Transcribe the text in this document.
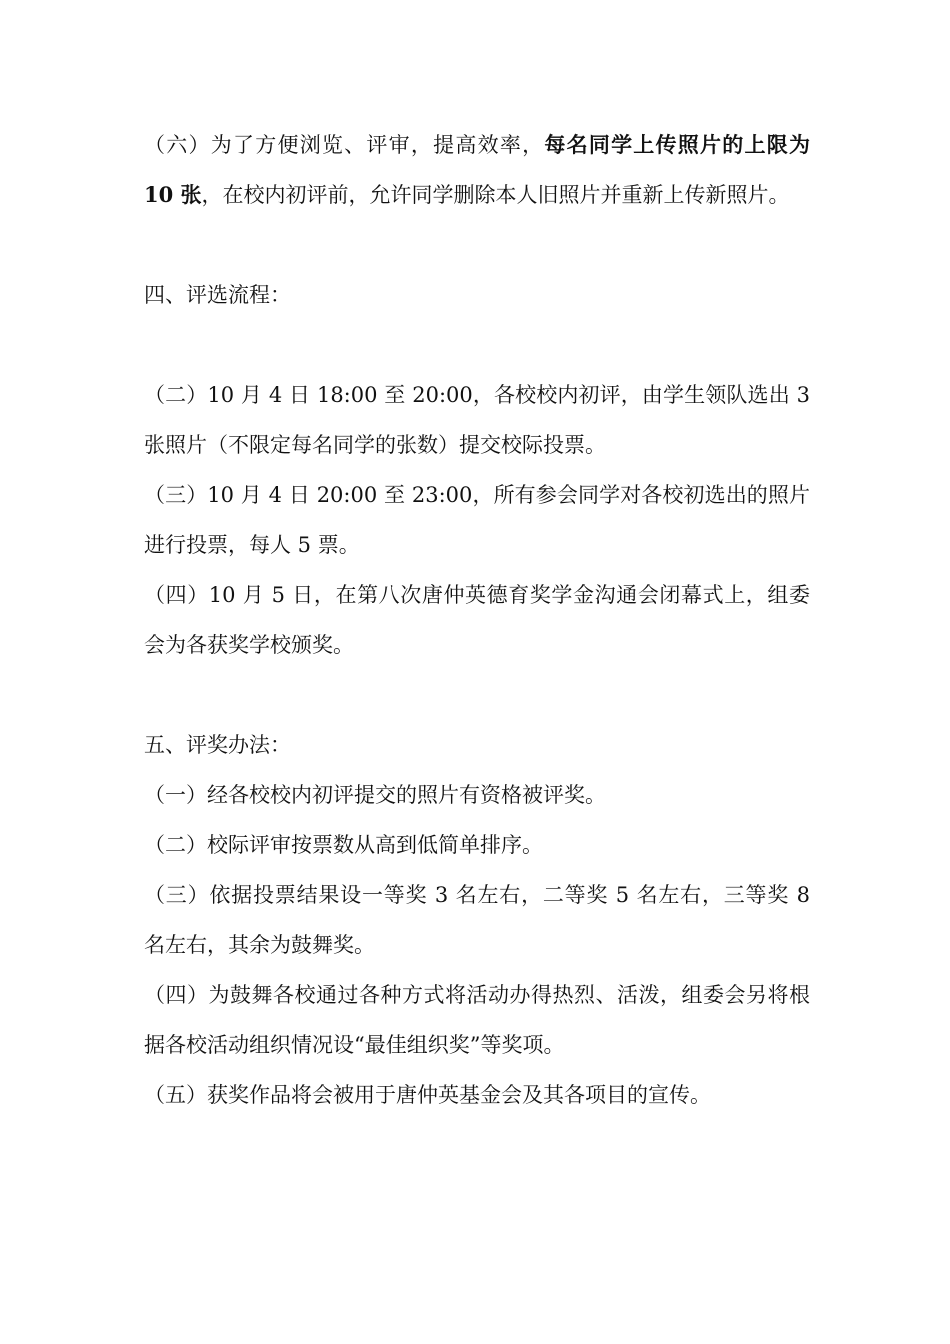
（六）为了方便浏览、评审，提高效率，每名同学上传照片的上限为 10 张，在校内初评前，允许同学删除本人旧照片并重新上传新照片。

四、评选流程：

（二）10 月 4 日 18:00 至 20:00，各校校内初评，由学生领队选出 3 张照片（不限定每名同学的张数）提交校际投票。

（三）10 月 4 日 20:00 至 23:00，所有参会同学对各校初选出的照片进行投票，每人 5 票。

（四）10 月 5 日，在第八次唐仲英德育奖学金沟通会闭幕式上，组委会为各获奖学校颁奖。

五、评奖办法：

（一）经各校校内初评提交的照片有资格被评奖。

（二）校际评审按票数从高到低简单排序。

（三）依据投票结果设一等奖 3 名左右，二等奖 5 名左右，三等奖 8 名左右，其余为鼓舞奖。

（四）为鼓舞各校通过各种方式将活动办得热烈、活泼，组委会另将根据各校活动组织情况设“最佳组织奖”等奖项。

（五）获奖作品将会被用于唐仲英基金会及其各项目的宣传。
